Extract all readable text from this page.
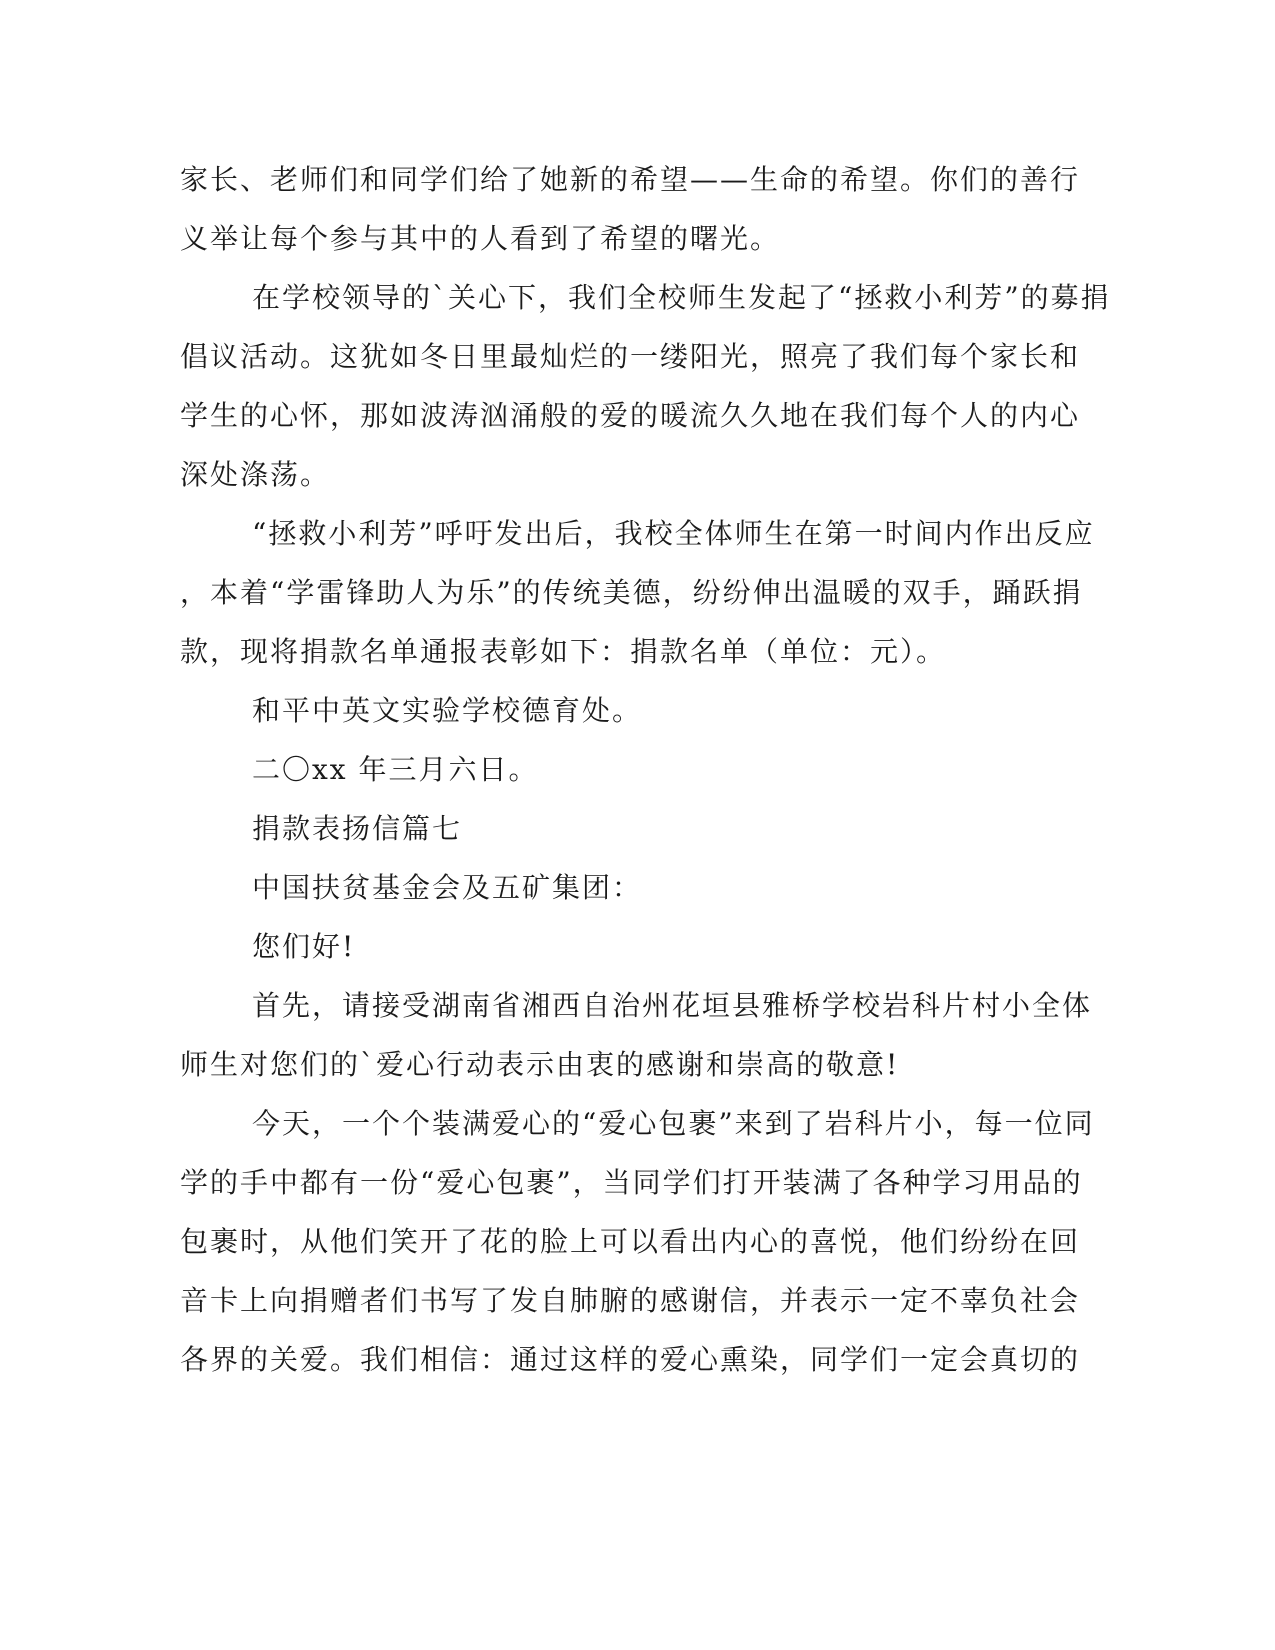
家长、老师们和同学们给了她新的希望——生命的希望。你们的善行
义举让每个参与其中的人看到了希望的曙光。

在学校领导的`关心下，我们全校师生发起了“拯救小利芳”的募捐
倡议活动。这犹如冬日里最灿烂的一缕阳光，照亮了我们每个家长和
学生的心怀，那如波涛汹涌般的爱的暖流久久地在我们每个人的内心
深处涤荡。

“拯救小利芳”呼吁发出后，我校全体师生在第一时间内作出反应
，本着“学雷锋助人为乐”的传统美德，纷纷伸出温暖的双手，踊跃捐
款，现将捐款名单通报表彰如下：捐款名单（单位：元）。

和平中英文实验学校德育处。

二〇xx 年三月六日。

捐款表扬信篇七

中国扶贫基金会及五矿集团：

您们好!

首先，请接受湖南省湘西自治州花垣县雅桥学校岩科片村小全体
师生对您们的`爱心行动表示由衷的感谢和崇高的敬意!

今天，一个个装满爱心的“爱心包裹”来到了岩科片小，每一位同
学的手中都有一份“爱心包裹”，当同学们打开装满了各种学习用品的
包裹时，从他们笑开了花的脸上可以看出内心的喜悦，他们纷纷在回
音卡上向捐赠者们书写了发自肺腑的感谢信，并表示一定不辜负社会
各界的关爱。我们相信：通过这样的爱心熏染，同学们一定会真切的
